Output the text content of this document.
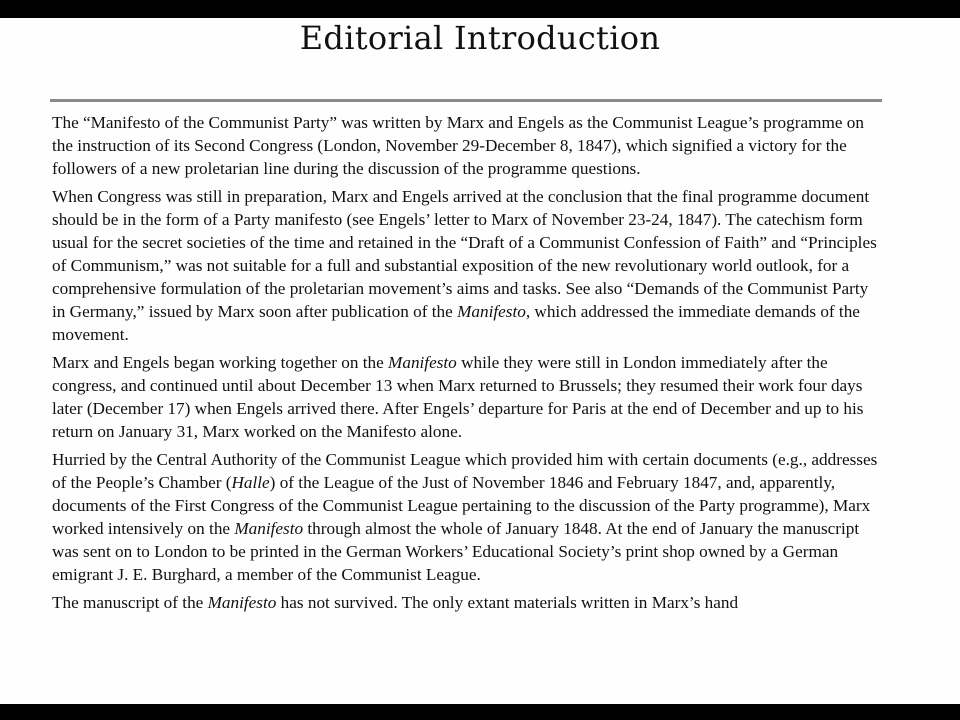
Editorial Introduction

The “Manifesto of the Communist Party” was written by Marx and Engels as the Communist League’s programme on the instruction of its Second Congress (London, November 29-December 8, 1847), which signified a victory for the followers of a new proletarian line during the discussion of the programme questions.

When Congress was still in preparation, Marx and Engels arrived at the conclusion that the final programme document should be in the form of a Party manifesto (see Engels’ letter to Marx of November 23-24, 1847). The catechism form usual for the secret societies of the time and retained in the “Draft of a Communist Confession of Faith” and “Principles of Communism,” was not suitable for a full and substantial exposition of the new revolutionary world outlook, for a comprehensive formulation of the proletarian movement’s aims and tasks. See also “Demands of the Communist Party in Germany,” issued by Marx soon after publication of the Manifesto, which addressed the immediate demands of the movement.

Marx and Engels began working together on the Manifesto while they were still in London immediately after the congress, and continued until about December 13 when Marx returned to Brussels; they resumed their work four days later (December 17) when Engels arrived there. After Engels’ departure for Paris at the end of December and up to his return on January 31, Marx worked on the Manifesto alone.

Hurried by the Central Authority of the Communist League which provided him with certain documents (e.g., addresses of the People’s Chamber (Halle) of the League of the Just of November 1846 and February 1847, and, apparently, documents of the First Congress of the Communist League pertaining to the discussion of the Party programme), Marx worked intensively on the Manifesto through almost the whole of January 1848. At the end of January the manuscript was sent on to London to be printed in the German Workers’ Educational Society’s print shop owned by a German emigrant J. E. Burghard, a member of the Communist League.

The manuscript of the Manifesto has not survived. The only extant materials written in Marx’s hand
